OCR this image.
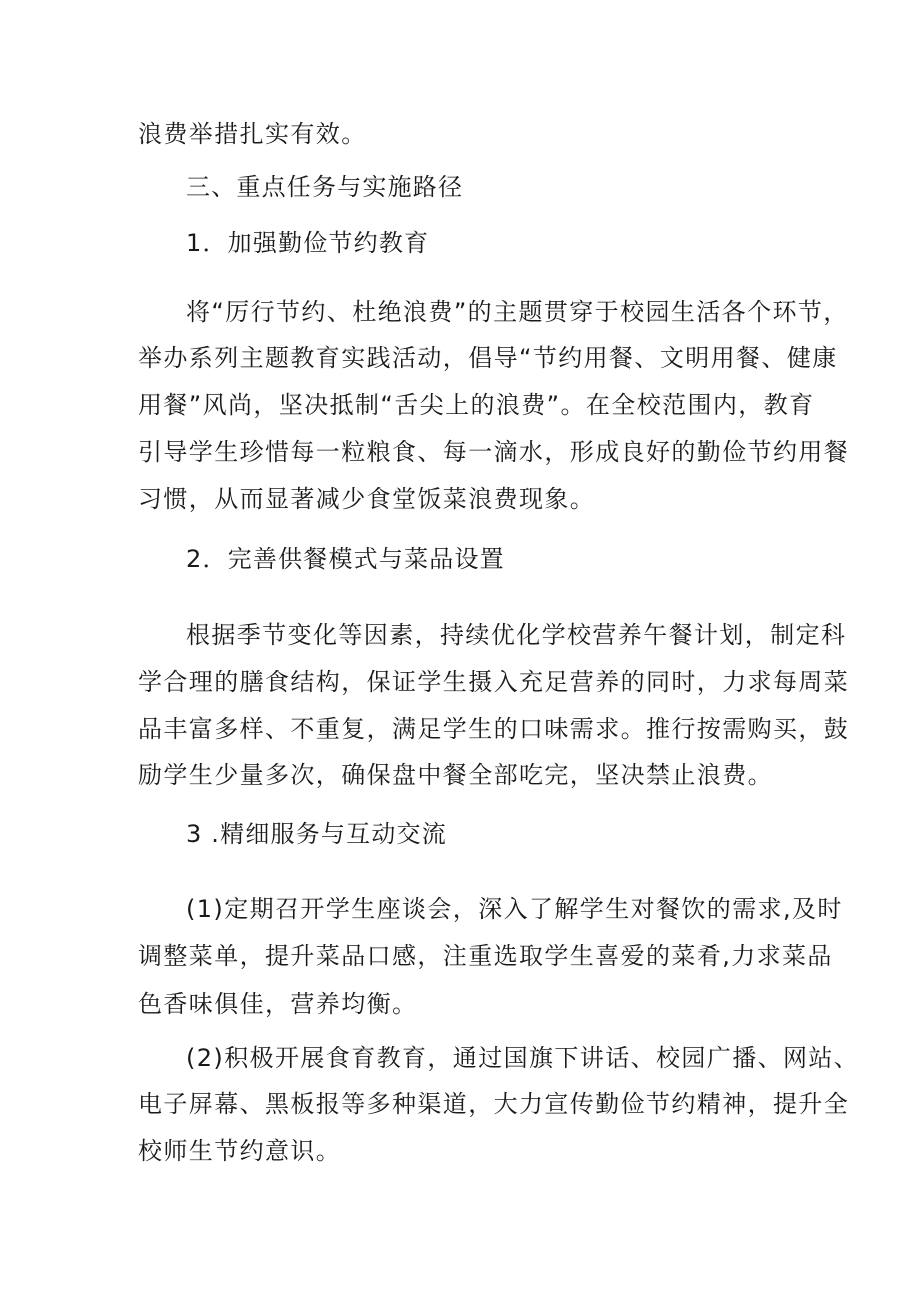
浪费举措扎实有效。
三、重点任务与实施路径
1．加强勤俭节约教育
将“厉行节约、杜绝浪费”的主题贯穿于校园生活各个环节，
举办系列主题教育实践活动，倡导“节约用餐、文明用餐、健康
用餐”风尚，坚决抵制“舌尖上的浪费”。在全校范围内，教育
引导学生珍惜每一粒粮食、每一滴水，形成良好的勤俭节约用餐
习惯，从而显著减少食堂饭菜浪费现象。
2．完善供餐模式与菜品设置
根据季节变化等因素，持续优化学校营养午餐计划，制定科
学合理的膳食结构，保证学生摄入充足营养的同时，力求每周菜
品丰富多样、不重复，满足学生的口味需求。推行按需购买，鼓
励学生少量多次，确保盘中餐全部吃完，坚决禁止浪费。
3 .精细服务与互动交流
(1)定期召开学生座谈会，深入了解学生对餐饮的需求,及时
调整菜单，提升菜品口感，注重选取学生喜爱的菜肴,力求菜品
色香味俱佳，营养均衡。
(2)积极开展食育教育，通过国旗下讲话、校园广播、网站、
电子屏幕、黑板报等多种渠道，大力宣传勤俭节约精神，提升全
校师生节约意识。
